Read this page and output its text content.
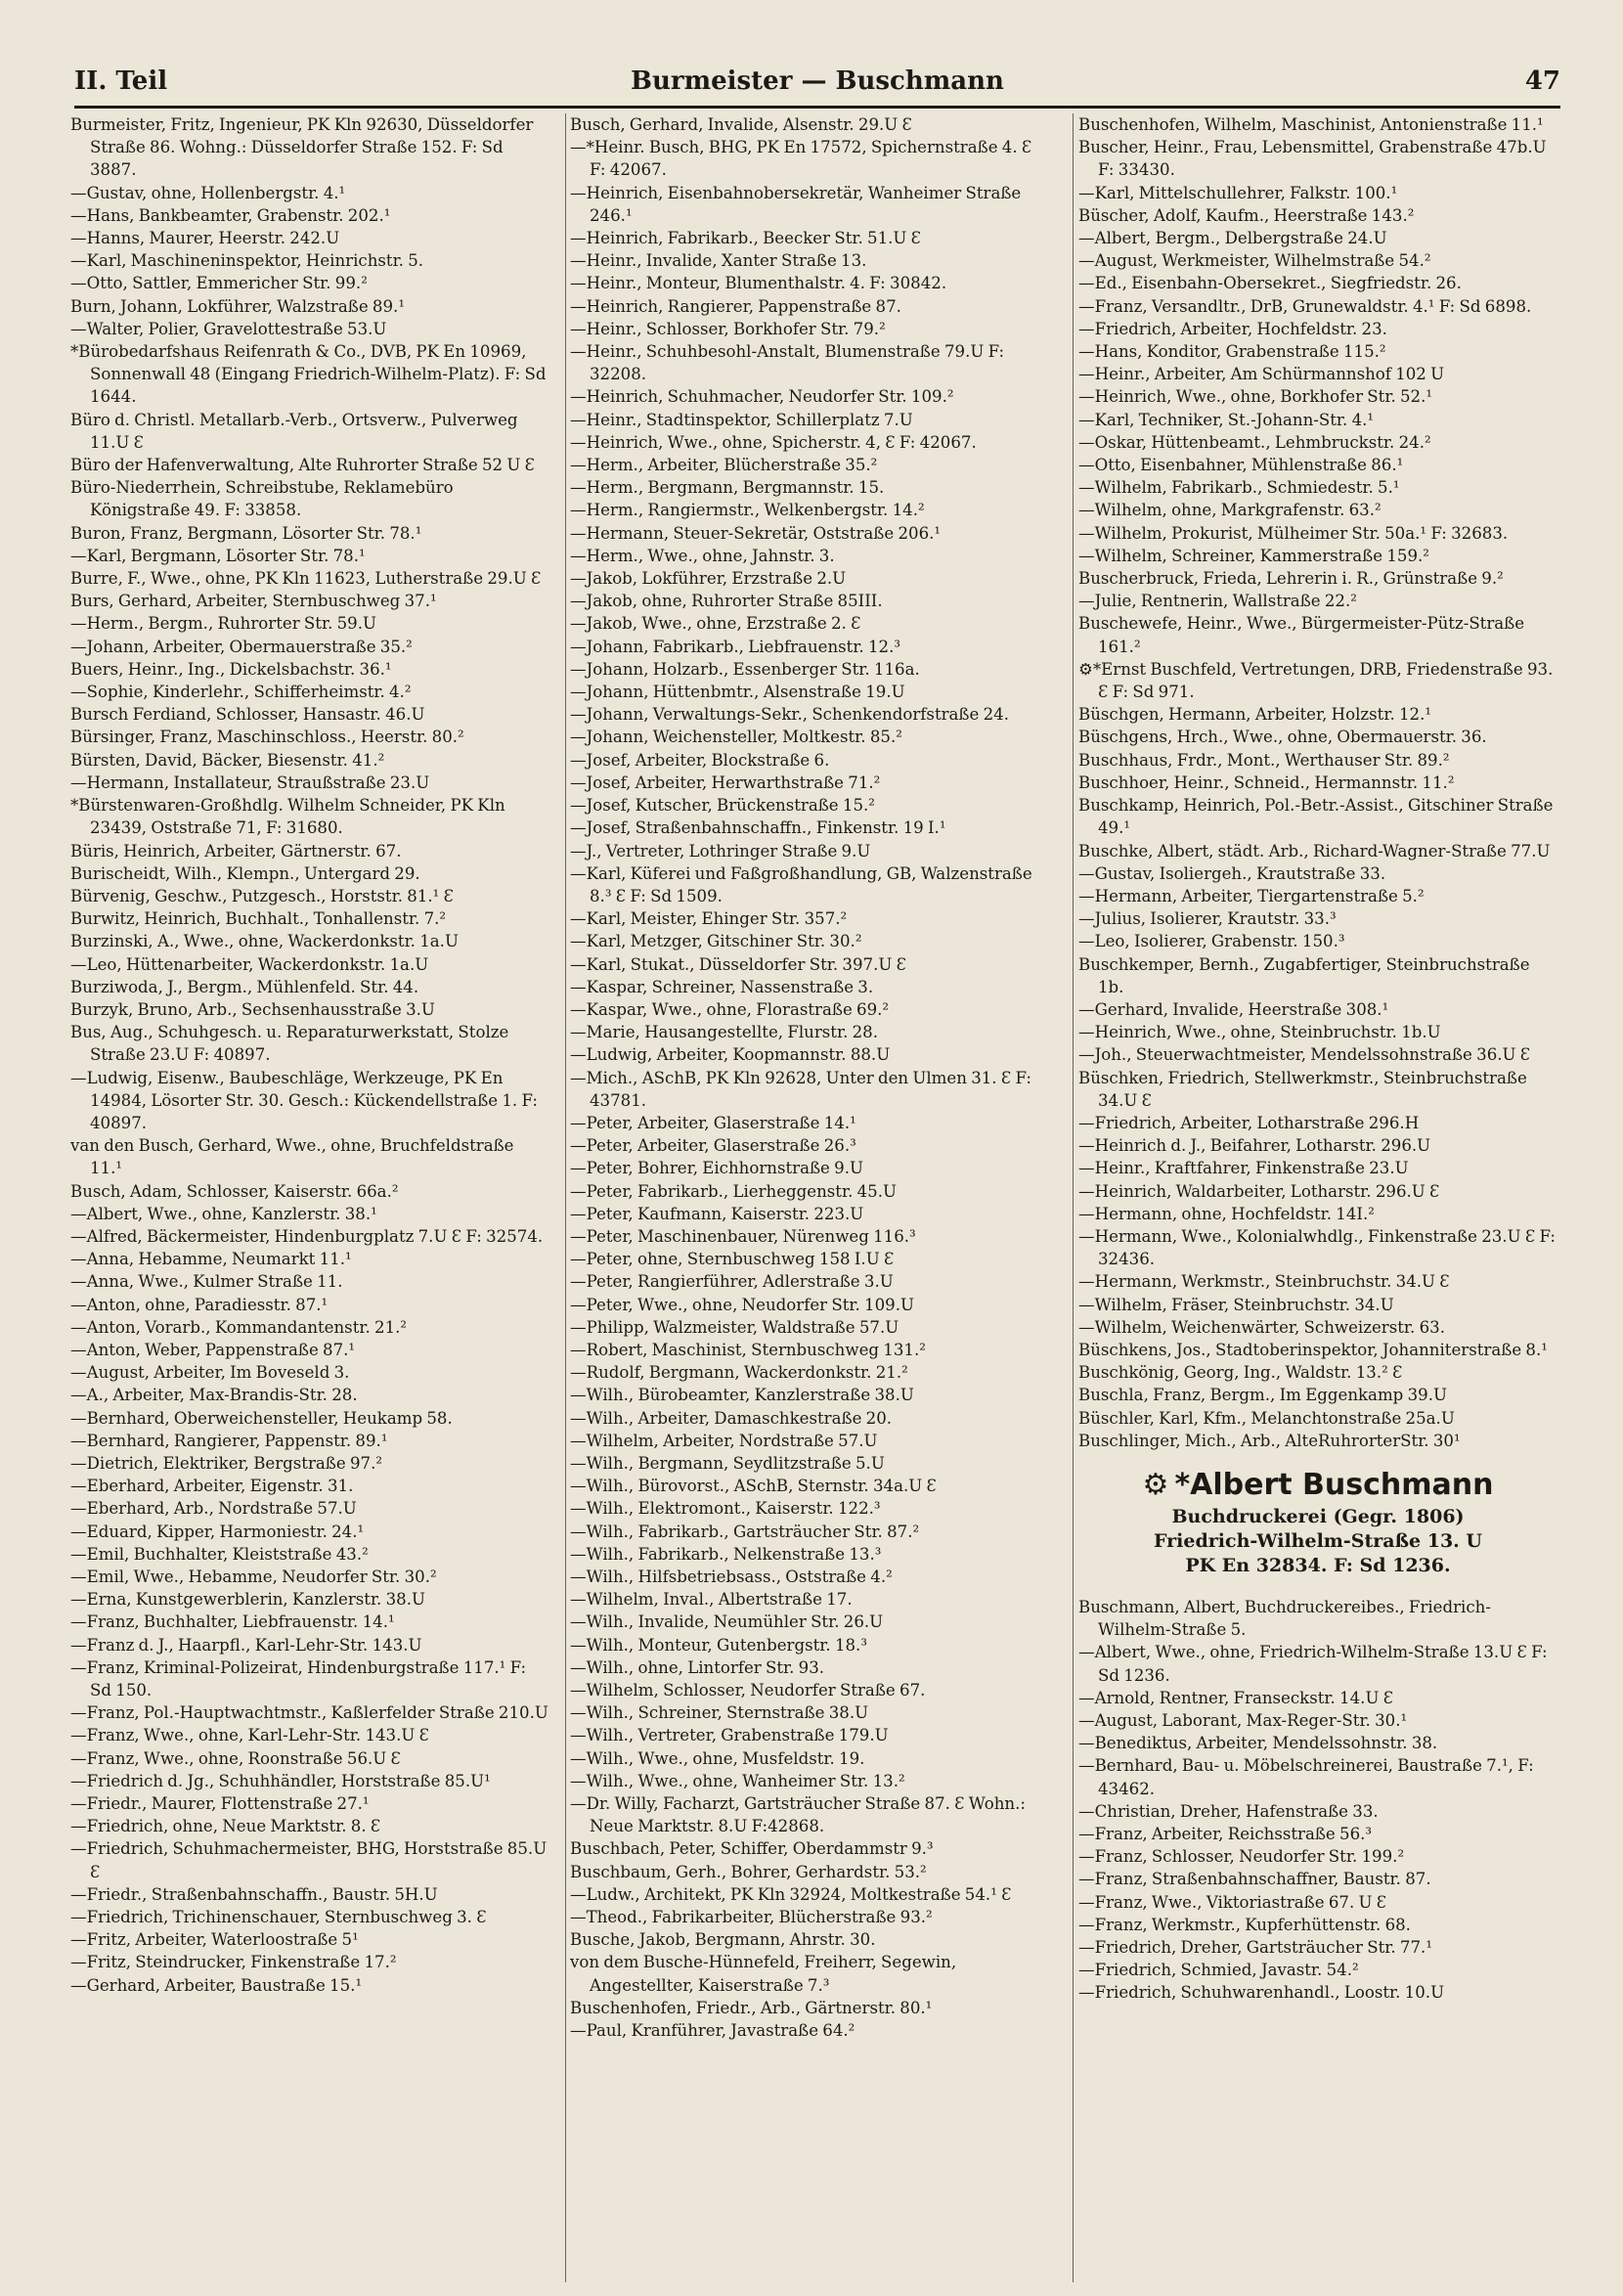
II. Teil	Burmeister — Buschmann	47

Burmeister, Fritz, Ingenieur, PK Kln 92630, Düsseldorfer Straße 86. Wohng.: Düsseldorfer Straße 152. F: Sd 3887.

—Gustav, ohne, Hollenbergstr. 4.¹

—Hans, Bankbeamter, Grabenstr. 202.¹

—Hanns, Maurer, Heerstr. 242.U

—Karl, Maschineninspektor, Heinrichstr. 5.

—Otto, Sattler, Emmericher Str. 99.²

Burn, Johann, Lokführer, Walzstraße 89.¹

—Walter, Polier, Gravelottestraße 53.U

*Bürobedarfshaus Reifenrath & Co., DVB, PK En 10969, Sonnenwall 48 (Eingang Friedrich-Wilhelm-Platz). F: Sd 1644.

Büro d. Christl. Metallarb.-Verb., Ortsverw., Pulverweg 11.U Ɛ

Büro der Hafenverwaltung, Alte Ruhrorter Straße 52 U Ɛ

Büro-Niederrhein, Schreibstube, Reklamebüro Königstraße 49. F: 33858.

Buron, Franz, Bergmann, Lösorter Str. 78.¹

—Karl, Bergmann, Lösorter Str. 78.¹

Burre, F., Wwe., ohne, PK Kln 11623, Lutherstraße 29.U Ɛ

Burs, Gerhard, Arbeiter, Sternbuschweg 37.¹

—Herm., Bergm., Ruhrorter Str. 59.U

—Johann, Arbeiter, Obermauerstraße 35.²

Buers, Heinr., Ing., Dickelsbachstr. 36.¹

—Sophie, Kinderlehr., Schifferheimstr. 4.²

Bursch Ferdiand, Schlosser, Hansastr. 46.U

Bürsinger, Franz, Maschinschloss., Heerstr. 80.²

Bürsten, David, Bäcker, Biesenstr. 41.²

—Hermann, Installateur, Straußstraße 23.U

*Bürstenwaren-Großhdlg. Wilhelm Schneider, PK Kln 23439, Oststraße 71, F: 31680.

Büris, Heinrich, Arbeiter, Gärtnerstr. 67.

Burischeidt, Wilh., Klempn., Untergard 29.

Bürvenig, Geschw., Putzgesch., Horststr. 81.¹ Ɛ

Burwitz, Heinrich, Buchhalt., Tonhallenstr. 7.²

Burzinski, A., Wwe., ohne, Wackerdonkstr. 1a.U

—Leo, Hüttenarbeiter, Wackerdonkstr. 1a.U

Burziwoda, J., Bergm., Mühlenfeld. Str. 44.

Burzyk, Bruno, Arb., Sechsenhausstraße 3.U

Bus, Aug., Schuhgesch. u. Reparaturwerkstatt, Stolze Straße 23.U F: 40897.

—Ludwig, Eisenw., Baubeschläge, Werkzeuge, PK En 14984, Lösorter Str. 30. Gesch.: Kückendellstraße 1. F: 40897.

van den Busch, Gerhard, Wwe., ohne, Bruchfeldstraße 11.¹

Busch, Adam, Schlosser, Kaiserstr. 66a.²

—Albert, Wwe., ohne, Kanzlerstr. 38.¹

—Alfred, Bäckermeister, Hindenburgplatz 7.U Ɛ F: 32574.

—Anna, Hebamme, Neumarkt 11.¹

—Anna, Wwe., Kulmer Straße 11.

—Anton, ohne, Paradiesstr. 87.¹

—Anton, Vorarb., Kommandantenstr. 21.²

—Anton, Weber, Pappenstraße 87.¹

—August, Arbeiter, Im Boveseld 3.

—A., Arbeiter, Max-Brandis-Str. 28.

—Bernhard, Oberweichensteller, Heukamp 58.

—Bernhard, Rangierer, Pappenstr. 89.¹

—Dietrich, Elektriker, Bergstraße 97.²

—Eberhard, Arbeiter, Eigenstr. 31.

—Eberhard, Arb., Nordstraße 57.U

—Eduard, Kipper, Harmoniestr. 24.¹

—Emil, Buchhalter, Kleiststraße 43.²

—Emil, Wwe., Hebamme, Neudorfer Str. 30.²

—Erna, Kunstgewerblerin, Kanzlerstr. 38.U

—Franz, Buchhalter, Liebfrauenstr. 14.¹

—Franz d. J., Haarpfl., Karl-Lehr-Str. 143.U

—Franz, Kriminal-Polizeirat, Hindenburgstraße 117.¹ F: Sd 150.

—Franz, Pol.-Hauptwachtmstr., Kaßlerfelder Straße 210.U

—Franz, Wwe., ohne, Karl-Lehr-Str. 143.U Ɛ

—Franz, Wwe., ohne, Roonstraße 56.U Ɛ

—Friedrich d. Jg., Schuhhändler, Horststraße 85.U¹

—Friedr., Maurer, Flottenstraße 27.¹

—Friedrich, ohne, Neue Marktstr. 8. Ɛ

—Friedrich, Schuhmachermeister, BHG, Horststraße 85.U Ɛ

—Friedr., Straßenbahnschaffn., Baustr. 5H.U

—Friedrich, Trichinenschauer, Sternbuschweg 3. Ɛ

—Fritz, Arbeiter, Waterloostraße 5¹

—Fritz, Steindrucker, Finkenstraße 17.²

—Gerhard, Arbeiter, Baustraße 15.¹

Busch, Gerhard, Invalide, Alsenstr. 29.U Ɛ

—*Heinr. Busch, BHG, PK En 17572, Spichernstraße 4. Ɛ F: 42067.

—Heinrich, Eisenbahnobersekretär, Wanheimer Straße 246.¹

—Heinrich, Fabrikarb., Beecker Str. 51.U Ɛ

—Heinr., Invalide, Xanter Straße 13.

—Heinr., Monteur, Blumenthalstr. 4. F: 30842.

—Heinrich, Rangierer, Pappenstraße 87.

—Heinr., Schlosser, Borkhofer Str. 79.²

—Heinr., Schuhbesohl-Anstalt, Blumenstraße 79.U F: 32208.

—Heinrich, Schuhmacher, Neudorfer Str. 109.²

—Heinr., Stadtinspektor, Schillerplatz 7.U

—Heinrich, Wwe., ohne, Spicherstr. 4, Ɛ F: 42067.

—Herm., Arbeiter, Blücherstraße 35.²

—Herm., Bergmann, Bergmannstr. 15.

—Herm., Rangiermstr., Welkenbergstr. 14.²

—Hermann, Steuer-Sekretär, Oststraße 206.¹

—Herm., Wwe., ohne, Jahnstr. 3.

—Jakob, Lokführer, Erzstraße 2.U

—Jakob, ohne, Ruhrorter Straße 85III.

—Jakob, Wwe., ohne, Erzstraße 2. Ɛ

—Johann, Fabrikarb., Liebfrauenstr. 12.³

—Johann, Holzarb., Essenberger Str. 116a.

—Johann, Hüttenbmtr., Alsenstraße 19.U

—Johann, Verwaltungs-Sekr., Schenkendorfstraße 24.

—Johann, Weichensteller, Moltkestr. 85.²

—Josef, Arbeiter, Blockstraße 6.

—Josef, Arbeiter, Herwarthstraße 71.²

—Josef, Kutscher, Brückenstraße 15.²

—Josef, Straßenbahnschaffn., Finkenstr. 19 I.¹

—J., Vertreter, Lothringer Straße 9.U

—Karl, Küferei und Faßgroßhandlung, GB, Walzenstraße 8.³ Ɛ F: Sd 1509.

—Karl, Meister, Ehinger Str. 357.²

—Karl, Metzger, Gitschiner Str. 30.²

—Karl, Stukat., Düsseldorfer Str. 397.U Ɛ

—Kaspar, Schreiner, Nassenstraße 3.

—Kaspar, Wwe., ohne, Florastraße 69.²

—Marie, Hausangestellte, Flurstr. 28.

—Ludwig, Arbeiter, Koopmannstr. 88.U

—Mich., ASchB, PK Kln 92628, Unter den Ulmen 31. Ɛ F: 43781.

—Peter, Arbeiter, Glaserstraße 14.¹

—Peter, Arbeiter, Glaserstraße 26.³

—Peter, Bohrer, Eichhornstraße 9.U

—Peter, Fabrikarb., Lierheggenstr. 45.U

—Peter, Kaufmann, Kaiserstr. 223.U

—Peter, Maschinenbauer, Nürenweg 116.³

—Peter, ohne, Sternbuschweg 158 I.U Ɛ

—Peter, Rangierführer, Adlerstraße 3.U

—Peter, Wwe., ohne, Neudorfer Str. 109.U

—Philipp, Walzmeister, Waldstraße 57.U

—Robert, Maschinist, Sternbuschweg 131.²

—Rudolf, Bergmann, Wackerdonkstr. 21.²

—Wilh., Bürobeamter, Kanzlerstraße 38.U

—Wilh., Arbeiter, Damaschkestraße 20.

—Wilhelm, Arbeiter, Nordstraße 57.U

—Wilh., Bergmann, Seydlitzstraße 5.U

—Wilh., Bürovorst., ASchB, Sternstr. 34a.U Ɛ

—Wilh., Elektromont., Kaiserstr. 122.³

—Wilh., Fabrikarb., Gartsträucher Str. 87.²

—Wilh., Fabrikarb., Nelkenstraße 13.³

—Wilh., Hilfsbetriebsass., Oststraße 4.²

—Wilhelm, Inval., Albertstraße 17.

—Wilh., Invalide, Neumühler Str. 26.U

—Wilh., Monteur, Gutenbergstr. 18.³

—Wilh., ohne, Lintorfer Str. 93.

—Wilhelm, Schlosser, Neudorfer Straße 67.

—Wilh., Schreiner, Sternstraße 38.U

—Wilh., Vertreter, Grabenstraße 179.U

—Wilh., Wwe., ohne, Musfeldstr. 19.

—Wilh., Wwe., ohne, Wanheimer Str. 13.²

—Dr. Willy, Facharzt, Gartsträucher Straße 87. Ɛ Wohn.: Neue Marktstr. 8.U F:42868.

Buschbach, Peter, Schiffer, Oberdammstr 9.³

Buschbaum, Gerh., Bohrer, Gerhardstr. 53.²

—Ludw., Architekt, PK Kln 32924, Moltkestraße 54.¹ Ɛ

—Theod., Fabrikarbeiter, Blücherstraße 93.²

Busche, Jakob, Bergmann, Ahrstr. 30.

von dem Busche-Hünnefeld, Freiherr, Segewin, Angestellter, Kaiserstraße 7.³

Buschenhofen, Friedr., Arb., Gärtnerstr. 80.¹

—Paul, Kranführer, Javastraße 64.²

Buschenhofen, Wilhelm, Maschinist, Antonienstraße 11.¹

Buscher, Heinr., Frau, Lebensmittel, Grabenstraße 47b.U F: 33430.

—Karl, Mittelschullehrer, Falkstr. 100.¹

Büscher, Adolf, Kaufm., Heerstraße 143.²

—Albert, Bergm., Delbergstraße 24.U

—August, Werkmeister, Wilhelmstraße 54.²

—Ed., Eisenbahn-Obersekret., Siegfriedstr. 26.

—Franz, Versandltr., DrB, Grunewaldstr. 4.¹ F: Sd 6898.

—Friedrich, Arbeiter, Hochfeldstr. 23.

—Hans, Konditor, Grabenstraße 115.²

—Heinr., Arbeiter, Am Schürmannshof 102 U

—Heinrich, Wwe., ohne, Borkhofer Str. 52.¹

—Karl, Techniker, St.-Johann-Str. 4.¹

—Oskar, Hüttenbeamt., Lehmbruckstr. 24.²

—Otto, Eisenbahner, Mühlenstraße 86.¹

—Wilhelm, Fabrikarb., Schmiedestr. 5.¹

—Wilhelm, ohne, Markgrafenstr. 63.²

—Wilhelm, Prokurist, Mülheimer Str. 50a.¹ F: 32683.

—Wilhelm, Schreiner, Kammerstraße 159.²

Buscherbruck, Frieda, Lehrerin i. R., Grünstraße 9.²

—Julie, Rentnerin, Wallstraße 22.²

Buschewefe, Heinr., Wwe., Bürgermeister-Pütz-Straße 161.²

⚙*Ernst Buschfeld, Vertretungen, DRB, Friedenstraße 93. Ɛ F: Sd 971.

Büschgen, Hermann, Arbeiter, Holzstr. 12.¹

Büschgens, Hrch., Wwe., ohne, Obermauerstr. 36.

Buschhaus, Frdr., Mont., Werthauser Str. 89.²

Buschhoer, Heinr., Schneid., Hermannstr. 11.²

Buschkamp, Heinrich, Pol.-Betr.-Assist., Gitschiner Straße 49.¹

Buschke, Albert, städt. Arb., Richard-Wagner-Straße 77.U

—Gustav, Isoliergeh., Krautstraße 33.

—Hermann, Arbeiter, Tiergartenstraße 5.²

—Julius, Isolierer, Krautstr. 33.³

—Leo, Isolierer, Grabenstr. 150.³

Buschkemper, Bernh., Zugabfertiger, Steinbruchstraße 1b.

—Gerhard, Invalide, Heerstraße 308.¹

—Heinrich, Wwe., ohne, Steinbruchstr. 1b.U

—Joh., Steuerwachtmeister, Mendelssohnstraße 36.U Ɛ

Büschken, Friedrich, Stellwerkmstr., Steinbruchstraße 34.U Ɛ

—Friedrich, Arbeiter, Lotharstraße 296.H

—Heinrich d. J., Beifahrer, Lotharstr. 296.U

—Heinr., Kraftfahrer, Finkenstraße 23.U

—Heinrich, Waldarbeiter, Lotharstr. 296.U Ɛ

—Hermann, ohne, Hochfeldstr. 14I.²

—Hermann, Wwe., Kolonialwhdlg., Finkenstraße 23.U Ɛ F: 32436.

—Hermann, Werkmstr., Steinbruchstr. 34.U Ɛ

—Wilhelm, Fräser, Steinbruchstr. 34.U

—Wilhelm, Weichenwärter, Schweizerstr. 63.

Büschkens, Jos., Stadtoberinspektor, Johanniterstraße 8.¹

Buschkönig, Georg, Ing., Waldstr. 13.² Ɛ

Buschla, Franz, Bergm., Im Eggenkamp 39.U

Büschler, Karl, Kfm., Melanchtonstraße 25a.U

Buschlinger, Mich., Arb., AlteRuhrorterStr. 30¹

⚙ *Albert Buschmann
Buchdruckerei (Gegr. 1806)
Friedrich-Wilhelm-Straße 13. U
PK En 32834. F: Sd 1236.

Buschmann, Albert, Buchdruckereibes., Friedrich-Wilhelm-Straße 5.

—Albert, Wwe., ohne, Friedrich-Wilhelm-Straße 13.U Ɛ F: Sd 1236.

—Arnold, Rentner, Franseckstr. 14.U Ɛ

—August, Laborant, Max-Reger-Str. 30.¹

—Benediktus, Arbeiter, Mendelssohnstr. 38.

—Bernhard, Bau- u. Möbelschreinerei, Baustraße 7.¹, F: 43462.

—Christian, Dreher, Hafenstraße 33.

—Franz, Arbeiter, Reichsstraße 56.³

—Franz, Schlosser, Neudorfer Str. 199.²

—Franz, Straßenbahnschaffner, Baustr. 87.

—Franz, Wwe., Viktoriastraße 67. U Ɛ

—Franz, Werkmstr., Kupferhüttenstr. 68.

—Friedrich, Dreher, Gartsträucher Str. 77.¹

—Friedrich, Schmied, Javastr. 54.²

—Friedrich, Schuhwarenhandl., Loostr. 10.U
